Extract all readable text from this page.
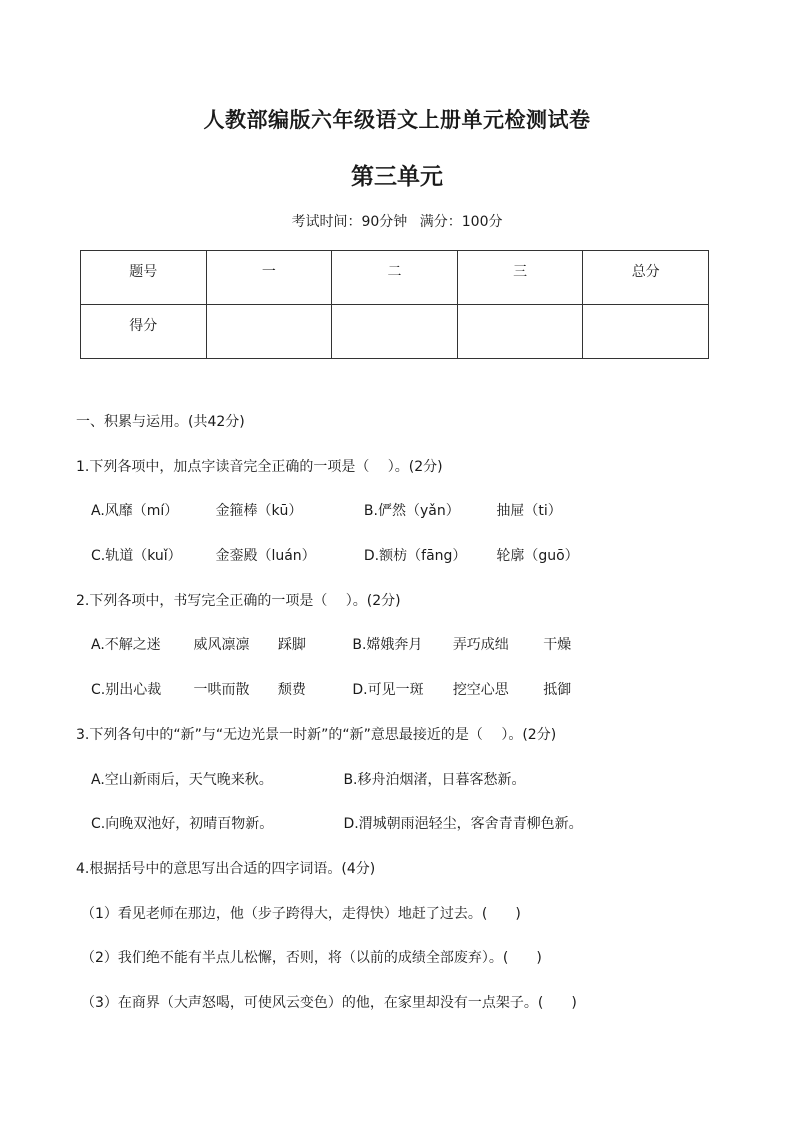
人教部编版六年级语文上册单元检测试卷
第三单元
考试时间：90分钟 满分：100分
题号	一	二	三	总分
得分				
一、积累与运用。(共42分)
1.下列各项中，加点字读音完全正确的一项是（　 ）。(2分)
A.风靡（mí）	金箍棒（kū）	B.俨然（yǎn）	抽屉（ti）
C.轨道（kuǐ） 金銮殿（luán）	D.额枋（fāng） 轮廓（guō）
2.下列各项中，书写完全正确的一项是（　 ）。(2分)
A.不解之迷 威风凛凛 踩脚	B.嫦娥奔月 弄巧成绌 干燥
C.别出心裁 一哄而散 颓费	D.可见一斑 挖空心思 抵御
3.下列各句中的“新”与“无边光景一时新”的“新”意思最接近的是（　 ）。(2分)
A.空山新雨后，天气晚来秋。	B.移舟泊烟渚，日暮客愁新。
C.向晚双池好，初晴百物新。	D.渭城朝雨浥轻尘，客舍青青柳色新。
4.根据括号中的意思写出合适的四字词语。(4分)
（1）看见老师在那边，他（步子跨得大，走得快）地赶了过去。(　　)
（2）我们绝不能有半点儿松懈，否则，将（以前的成绩全部废弃）。(　　)
（3）在商界（大声怒喝，可使风云变色）的他，在家里却没有一点架子。(　　)
